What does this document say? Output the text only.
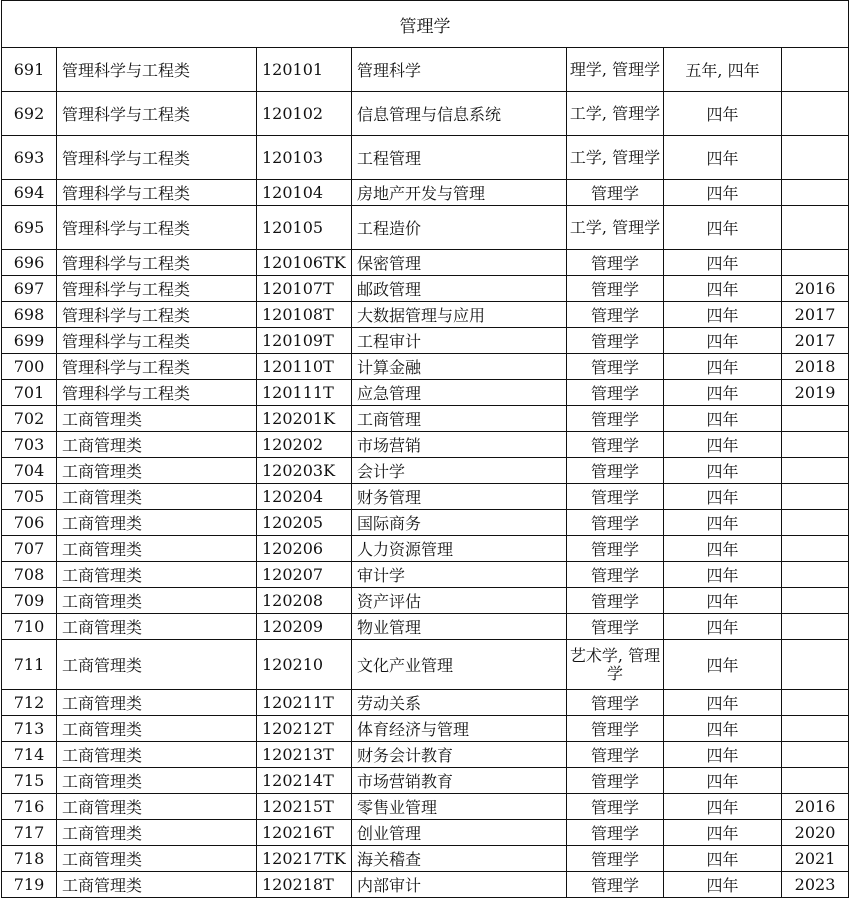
管理学						
691	管理科学与工程类	120101	管理科学	理学, 管理学	五年, 四年	
692	管理科学与工程类	120102	信息管理与信息系统	工学, 管理学	四年	
693	管理科学与工程类	120103	工程管理	工学, 管理学	四年	
694	管理科学与工程类	120104	房地产开发与管理	管理学	四年	
695	管理科学与工程类	120105	工程造价	工学, 管理学	四年	
696	管理科学与工程类	120106TK	保密管理	管理学	四年	
697	管理科学与工程类	120107T	邮政管理	管理学	四年	2016
698	管理科学与工程类	120108T	大数据管理与应用	管理学	四年	2017
699	管理科学与工程类	120109T	工程审计	管理学	四年	2017
700	管理科学与工程类	120110T	计算金融	管理学	四年	2018
701	管理科学与工程类	120111T	应急管理	管理学	四年	2019
702	工商管理类	120201K	工商管理	管理学	四年	
703	工商管理类	120202	市场营销	管理学	四年	
704	工商管理类	120203K	会计学	管理学	四年	
705	工商管理类	120204	财务管理	管理学	四年	
706	工商管理类	120205	国际商务	管理学	四年	
707	工商管理类	120206	人力资源管理	管理学	四年	
708	工商管理类	120207	审计学	管理学	四年	
709	工商管理类	120208	资产评估	管理学	四年	
710	工商管理类	120209	物业管理	管理学	四年	
711	工商管理类	120210	文化产业管理	艺术学, 管理学	四年	
712	工商管理类	120211T	劳动关系	管理学	四年	
713	工商管理类	120212T	体育经济与管理	管理学	四年	
714	工商管理类	120213T	财务会计教育	管理学	四年	
715	工商管理类	120214T	市场营销教育	管理学	四年	
716	工商管理类	120215T	零售业管理	管理学	四年	2016
717	工商管理类	120216T	创业管理	管理学	四年	2020
718	工商管理类	120217TK	海关稽查	管理学	四年	2021
719	工商管理类	120218T	内部审计	管理学	四年	2023
